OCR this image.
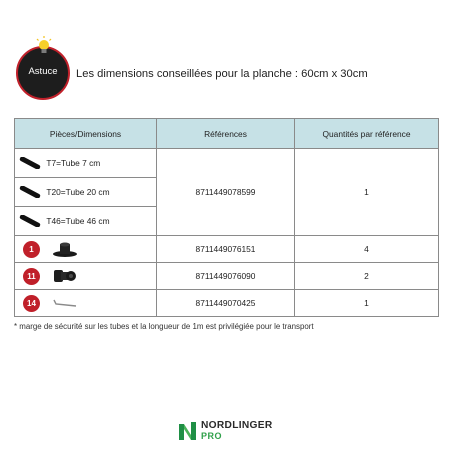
Astuce	Les dimensions conseillées pour la planche : 60cm x 30cm
Pièces/Dimensions	Références	Quantités par référence
T7=Tube 7 cm	8711449078599	1
T20=Tube 20 cm		
T46=Tube 46 cm		
1	8711449076151	4
11	8711449076090	2
14	8711449070425	1
* marge de sécurité sur les tubes et la longueur de 1m est privilégiée pour le transport
NORDLINGER
PRO
